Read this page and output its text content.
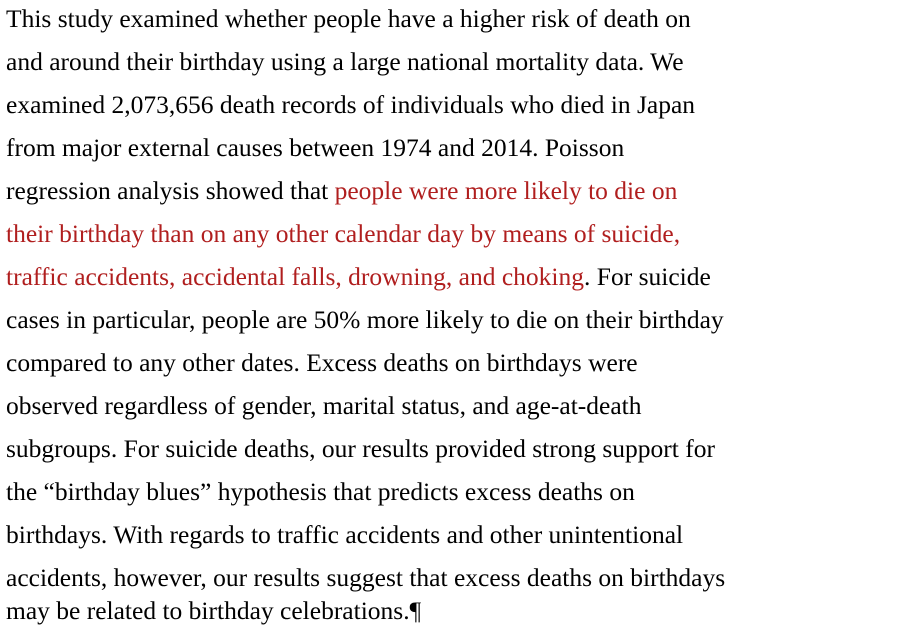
This study examined whether people have a higher risk of death on
and around their birthday using a large national mortality data. We
examined 2,073,656 death records of individuals who died in Japan
from major external causes between 1974 and 2014. Poisson
regression analysis showed that people were more likely to die on
their birthday than on any other calendar day by means of suicide,
traffic accidents, accidental falls, drowning, and choking. For suicide
cases in particular, people are 50% more likely to die on their birthday
compared to any other dates. Excess deaths on birthdays were
observed regardless of gender, marital status, and age-at-death
subgroups. For suicide deaths, our results provided strong support for
the “birthday blues” hypothesis that predicts excess deaths on
birthdays. With regards to traffic accidents and other unintentional
accidents, however, our results suggest that excess deaths on birthdays
may be related to birthday celebrations.¶
